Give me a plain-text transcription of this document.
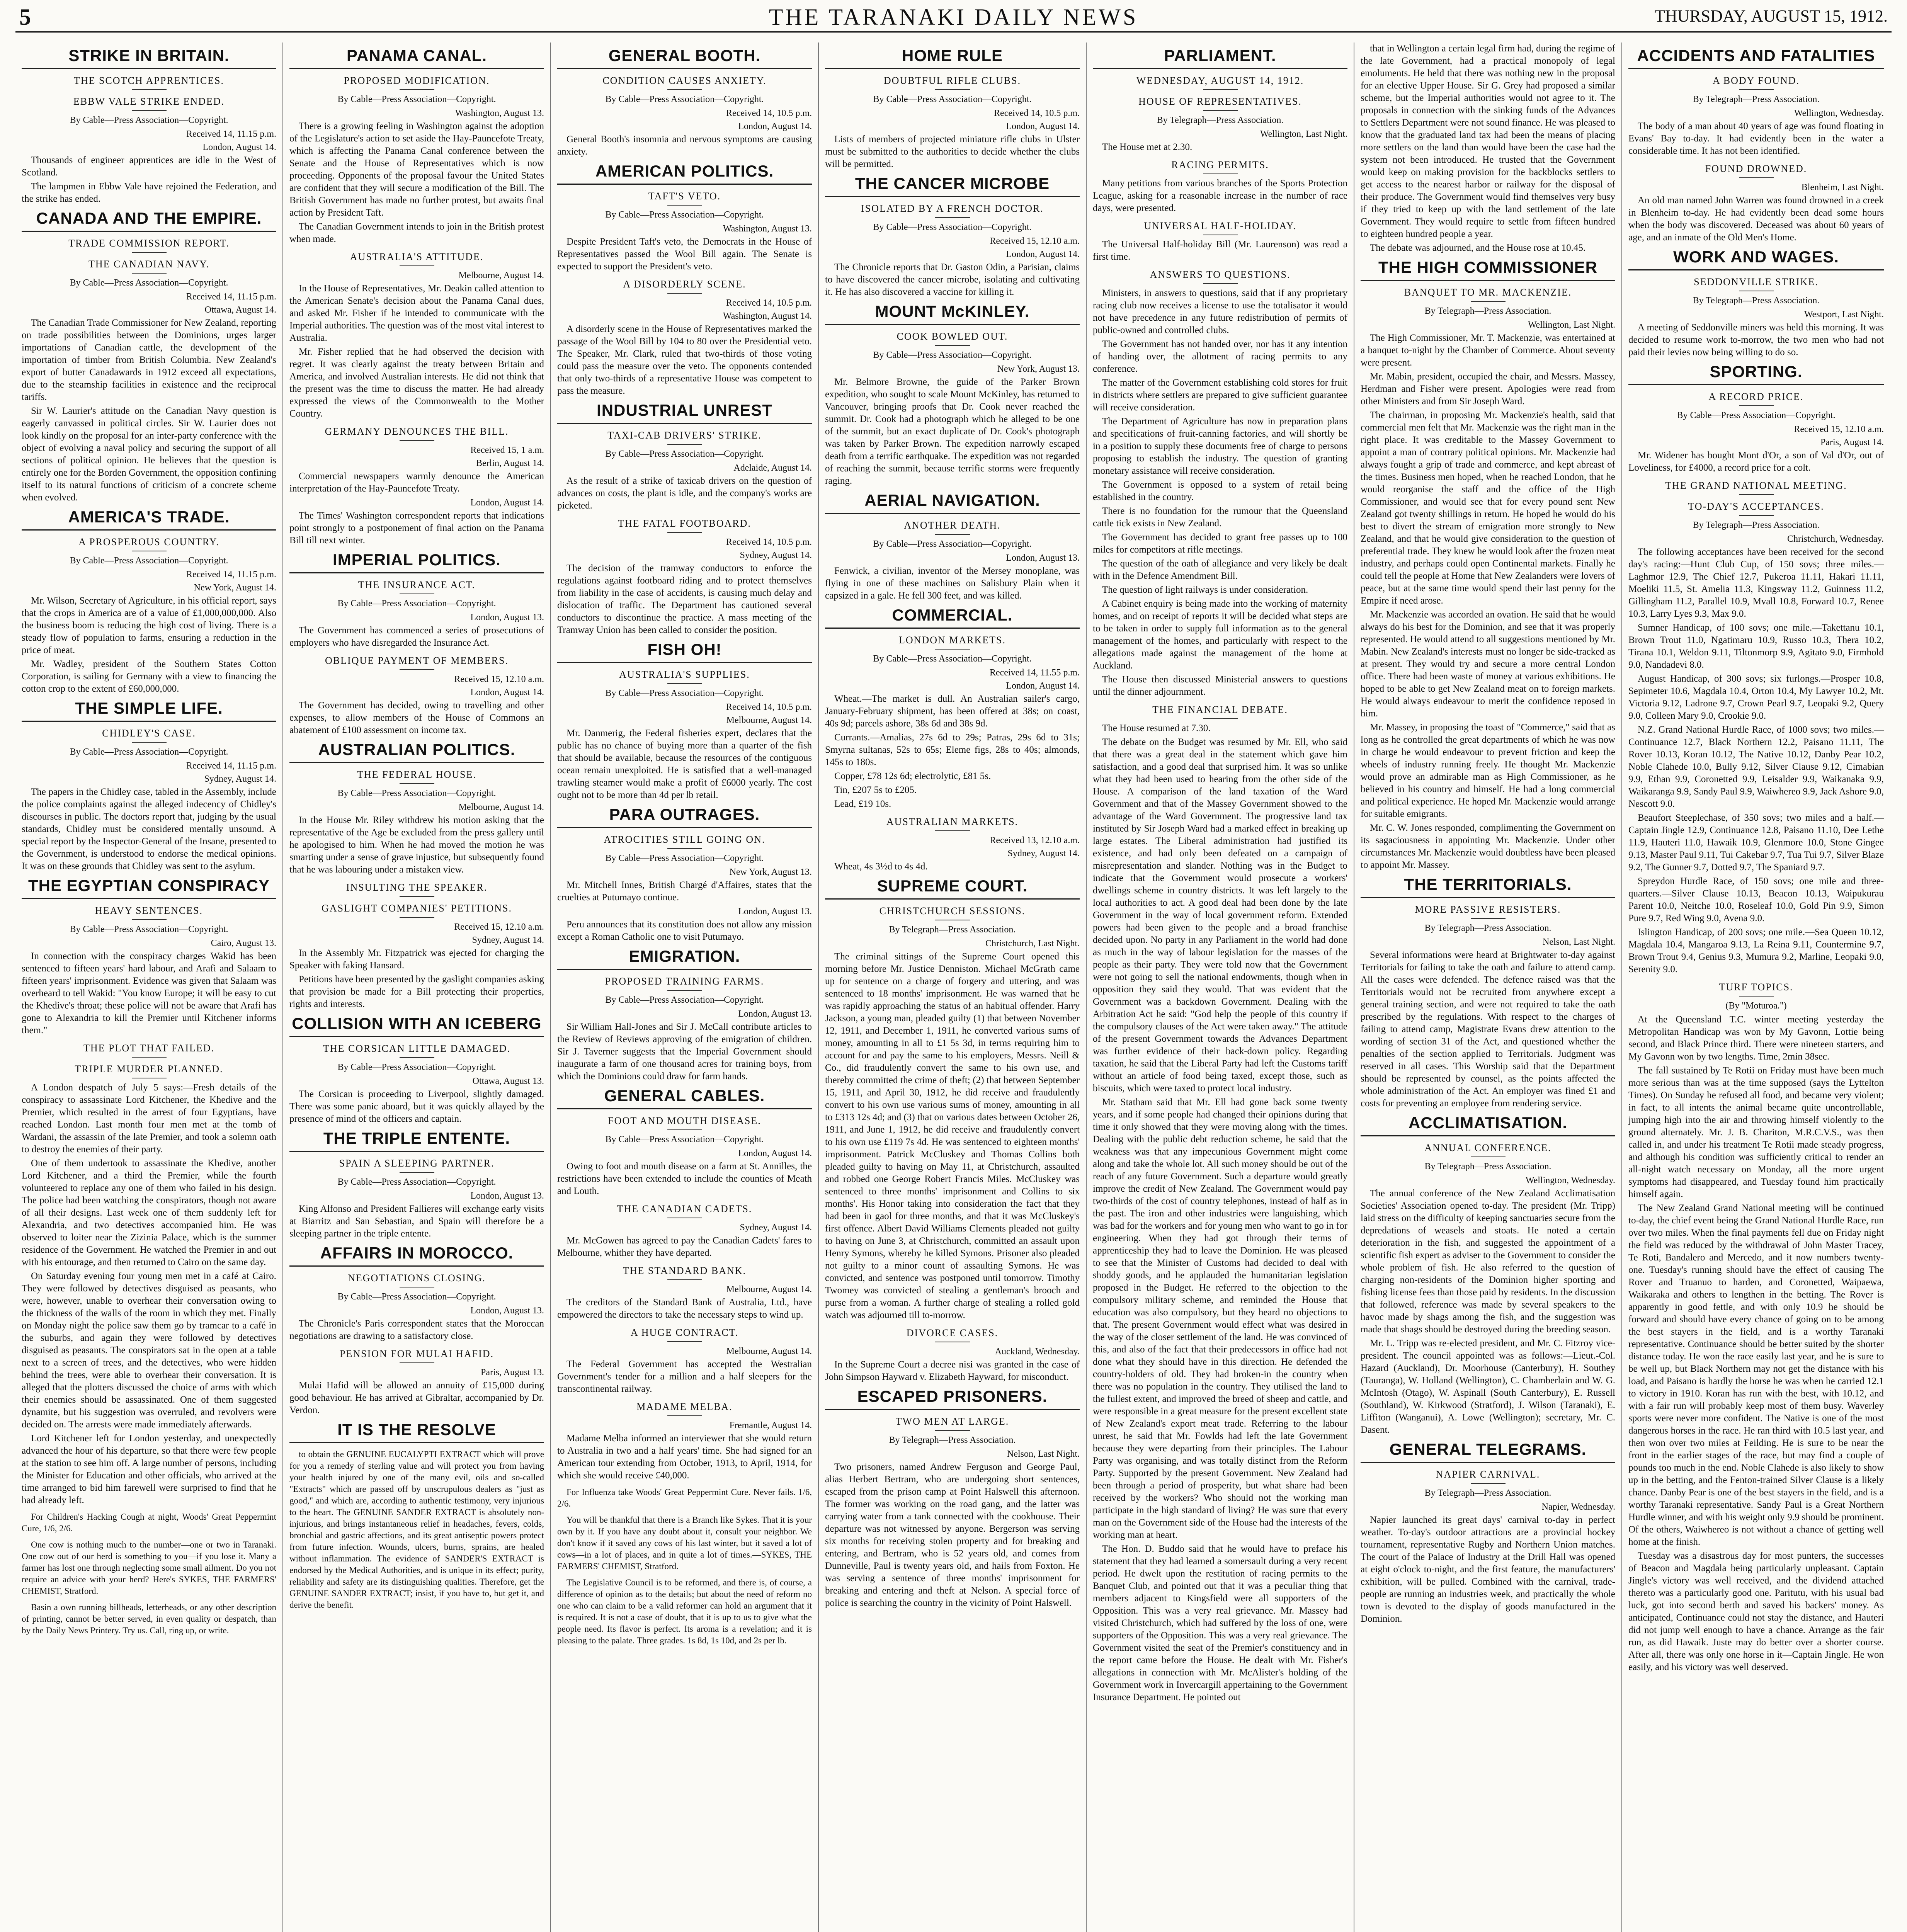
5	THE TARANAKI DAILY NEWS	THURSDAY, AUGUST 15, 1912.
STRIKE IN BRITAIN.
THE SCOTCH APPRENTICES.
EBBW VALE STRIKE ENDED.
By Cable—Press Association—Copyright.
Received 14, 11.15 p.m.
London, August 14.

Thousands of engineer apprentices are idle in the West of Scotland.

The lampmen in Ebbw Vale have rejoined the Federation, and the strike has ended.

CANADA AND THE EMPIRE.
TRADE COMMISSION REPORT.
THE CANADIAN NAVY.
By Cable—Press Association—Copyright.
Received 14, 11.15 p.m.
Ottawa, August 14.

The Canadian Trade Commissioner for New Zealand, reporting on trade possibilities between the Dominions, urges larger importations of Canadian cattle, the development of the importation of timber from British Columbia. New Zealand's export of butter Canadawards in 1912 exceed all expectations, due to the steamship facilities in existence and the reciprocal tariffs.

Sir W. Laurier's attitude on the Canadian Navy question is eagerly canvassed in political circles. Sir W. Laurier does not look kindly on the proposal for an inter-party conference with the object of evolving a naval policy and securing the support of all sections of political opinion. He believes that the question is entirely one for the Borden Government, the opposition confining itself to its natural functions of criticism of a concrete scheme when evolved.

AMERICA'S TRADE.
A PROSPEROUS COUNTRY.
By Cable—Press Association—Copyright.
Received 14, 11.15 p.m.
New York, August 14.

Mr. Wilson, Secretary of Agriculture, in his official report, says that the crops in America are of a value of £1,000,000,000. Also the business boom is reducing the high cost of living. There is a steady flow of population to farms, ensuring a reduction in the price of meat.

Mr. Wadley, president of the Southern States Cotton Corporation, is sailing for Germany with a view to financing the cotton crop to the extent of £60,000,000.

THE SIMPLE LIFE.
CHIDLEY'S CASE.
By Cable—Press Association—Copyright.
Received 14, 11.15 p.m.
Sydney, August 14.

The papers in the Chidley case, tabled in the Assembly, include the police complaints against the alleged indecency of Chidley's discourses in public. The doctors report that, judging by the usual standards, Chidley must be considered mentally unsound. A special report by the Inspector-General of the Insane, presented to the Government, is understood to endorse the medical opinions. It was on these grounds that Chidley was sent to the asylum.

THE EGYPTIAN CONSPIRACY
HEAVY SENTENCES.
By Cable—Press Association—Copyright.
Cairo, August 13.

In connection with the conspiracy charges Wakid has been sentenced to fifteen years' hard labour, and Arafi and Salaam to fifteen years' imprisonment. Evidence was given that Salaam was overheard to tell Wakid: "You know Europe; it will be easy to cut the Khedive's throat; these police will not be aware that Arafi has gone to Alexandria to kill the Premier until Kitchener informs them."

THE PLOT THAT FAILED.
TRIPLE MURDER PLANNED.

A London despatch of July 5 says:—Fresh details of the conspiracy to assassinate Lord Kitchener, the Khedive and the Premier, which resulted in the arrest of four Egyptians, have reached London. Last month four men met at the tomb of Wardani, the assassin of the late Premier, and took a solemn oath to destroy the enemies of their party.

One of them undertook to assassinate the Khedive, another Lord Kitchener, and a third the Premier, while the fourth volunteered to replace any one of them who failed in his design. The police had been watching the conspirators, though not aware of all their designs. Last week one of them suddenly left for Alexandria, and two detectives accompanied him. He was observed to loiter near the Zizinia Palace, which is the summer residence of the Government. He watched the Premier in and out with his entourage, and then returned to Cairo on the same day.

On Saturday evening four young men met in a café at Cairo. They were followed by detectives disguised as peasants, who were, however, unable to overhear their conversation owing to the thickness of the walls of the room in which they met. Finally on Monday night the police saw them go by tramcar to a café in the suburbs, and again they were followed by detectives disguised as peasants. The conspirators sat in the open at a table next to a screen of trees, and the detectives, who were hidden behind the trees, were able to overhear their conversation. It is alleged that the plotters discussed the choice of arms with which their enemies should be assassinated. One of them suggested dynamite, but his suggestion was overruled, and revolvers were decided on. The arrests were made immediately afterwards.

Lord Kitchener left for London yesterday, and unexpectedly advanced the hour of his departure, so that there were few people at the station to see him off. A large number of persons, including the Minister for Education and other officials, who arrived at the time arranged to bid him farewell were surprised to find that he had already left.

For Children's Hacking Cough at night, Woods' Great Peppermint Cure, 1/6, 2/6.

One cow is nothing much to the number—one or two in Taranaki. One cow out of our herd is something to you—if you lose it. Many a farmer has lost one through neglecting some small ailment. Do you not require an advice with your herd? Here's SYKES, THE FARMERS' CHEMIST, Stratford.

Basin a own running billheads, letterheads, or any other description of printing, cannot be better served, in even quality or despatch, than by the Daily News Printery. Try us. Call, ring up, or write.

PANAMA CANAL.
PROPOSED MODIFICATION.
By Cable—Press Association—Copyright.
Washington, August 13.

There is a growing feeling in Washington against the adoption of the Legislature's action to set aside the Hay-Pauncefote Treaty, which is affecting the Panama Canal conference between the Senate and the House of Representatives which is now proceeding. Opponents of the proposal favour the United States are confident that they will secure a modification of the Bill. The British Government has made no further protest, but awaits final action by President Taft.

The Canadian Government intends to join in the British protest when made.

AUSTRALIA'S ATTITUDE.
Melbourne, August 14.

In the House of Representatives, Mr. Deakin called attention to the American Senate's decision about the Panama Canal dues, and asked Mr. Fisher if he intended to communicate with the Imperial authorities. The question was of the most vital interest to Australia.

Mr. Fisher replied that he had observed the decision with regret. It was clearly against the treaty between Britain and America, and involved Australian interests. He did not think that the present was the time to discuss the matter. He had already expressed the views of the Commonwealth to the Mother Country.

GERMANY DENOUNCES THE BILL.
Received 15, 1 a.m.
Berlin, August 14.

Commercial newspapers warmly denounce the American interpretation of the Hay-Pauncefote Treaty.

London, August 14.

The Times' Washington correspondent reports that indications point strongly to a postponement of final action on the Panama Bill till next winter.

IMPERIAL POLITICS.
THE INSURANCE ACT.
By Cable—Press Association—Copyright.
London, August 13.

The Government has commenced a series of prosecutions of employers who have disregarded the Insurance Act.

OBLIQUE PAYMENT OF MEMBERS.
Received 15, 12.10 a.m.
London, August 14.

The Government has decided, owing to travelling and other expenses, to allow members of the House of Commons an abatement of £100 assessment on income tax.

AUSTRALIAN POLITICS.
THE FEDERAL HOUSE.
By Cable—Press Association—Copyright.
Melbourne, August 14.

In the House Mr. Riley withdrew his motion asking that the representative of the Age be excluded from the press gallery until he apologised to him. When he had moved the motion he was smarting under a sense of grave injustice, but subsequently found that he was labouring under a mistaken view.

INSULTING THE SPEAKER.
GASLIGHT COMPANIES' PETITIONS.
Received 15, 12.10 a.m.
Sydney, August 14.

In the Assembly Mr. Fitzpatrick was ejected for charging the Speaker with faking Hansard.

Petitions have been presented by the gaslight companies asking that provision be made for a Bill protecting their properties, rights and interests.

COLLISION WITH AN ICEBERG
THE CORSICAN LITTLE DAMAGED.
By Cable—Press Association—Copyright.
Ottawa, August 13.

The Corsican is proceeding to Liverpool, slightly damaged. There was some panic aboard, but it was quickly allayed by the presence of mind of the officers and captain.

THE TRIPLE ENTENTE.
SPAIN A SLEEPING PARTNER.
By Cable—Press Association—Copyright.
London, August 13.

King Alfonso and President Fallieres will exchange early visits at Biarritz and San Sebastian, and Spain will therefore be a sleeping partner in the triple entente.

AFFAIRS IN MOROCCO.
NEGOTIATIONS CLOSING.
By Cable—Press Association—Copyright.
London, August 13.

The Chronicle's Paris correspondent states that the Moroccan negotiations are drawing to a satisfactory close.

PENSION FOR MULAI HAFID.
Paris, August 13.

Mulai Hafid will be allowed an annuity of £15,000 during good behaviour. He has arrived at Gibraltar, accompanied by Dr. Verdon.

IT IS THE RESOLVE

to obtain the GENUINE EUCALYPTI EXTRACT which will prove for you a remedy of sterling value and will protect you from having your health injured by one of the many evil, oils and so-called "Extracts" which are passed off by unscrupulous dealers as "just as good," and which are, according to authentic testimony, very injurious to the heart. The GENUINE SANDER EXTRACT is absolutely non-injurious, and brings instantaneous relief in headaches, fevers, colds, bronchial and gastric affections, and its great antiseptic powers protect from future infection. Wounds, ulcers, burns, sprains, are healed without inflammation. The evidence of SANDER'S EXTRACT is endorsed by the Medical Authorities, and is unique in its effect; purity, reliability and safety are its distinguishing qualities. Therefore, get the GENUINE SANDER EXTRACT; insist, if you have to, but get it, and derive the benefit.

GENERAL BOOTH.
CONDITION CAUSES ANXIETY.
By Cable—Press Association—Copyright.
Received 14, 10.5 p.m.
London, August 14.

General Booth's insomnia and nervous symptoms are causing anxiety.

AMERICAN POLITICS.
TAFT'S VETO.
By Cable—Press Association—Copyright.
Washington, August 13.

Despite President Taft's veto, the Democrats in the House of Representatives passed the Wool Bill again. The Senate is expected to support the President's veto.

A DISORDERLY SCENE.
Received 14, 10.5 p.m.
Washington, August 14.

A disorderly scene in the House of Representatives marked the passage of the Wool Bill by 104 to 80 over the Presidential veto. The Speaker, Mr. Clark, ruled that two-thirds of those voting could pass the measure over the veto. The opponents contended that only two-thirds of a representative House was competent to pass the measure.

INDUSTRIAL UNREST
TAXI-CAB DRIVERS' STRIKE.
By Cable—Press Association—Copyright.
Adelaide, August 14.

As the result of a strike of taxicab drivers on the question of advances on costs, the plant is idle, and the company's works are picketed.

THE FATAL FOOTBOARD.
Received 14, 10.5 p.m.
Sydney, August 14.

The decision of the tramway conductors to enforce the regulations against footboard riding and to protect themselves from liability in the case of accidents, is causing much delay and dislocation of traffic. The Department has cautioned several conductors to discontinue the practice. A mass meeting of the Tramway Union has been called to consider the position.

FISH OH!
AUSTRALIA'S SUPPLIES.
By Cable—Press Association—Copyright.
Received 14, 10.5 p.m.
Melbourne, August 14.

Mr. Danmerig, the Federal fisheries expert, declares that the public has no chance of buying more than a quarter of the fish that should be available, because the resources of the contiguous ocean remain unexploited. He is satisfied that a well-managed trawling steamer would make a profit of £6000 yearly. The cost ought not to be more than 4d per lb retail.

PARA OUTRAGES.
ATROCITIES STILL GOING ON.
By Cable—Press Association—Copyright.
New York, August 13.

Mr. Mitchell Innes, British Chargé d'Affaires, states that the cruelties at Putumayo continue.

London, August 13.

Peru announces that its constitution does not allow any mission except a Roman Catholic one to visit Putumayo.

EMIGRATION.
PROPOSED TRAINING FARMS.
By Cable—Press Association—Copyright.
London, August 13.

Sir William Hall-Jones and Sir J. McCall contribute articles to the Review of Reviews approving of the emigration of children. Sir J. Taverner suggests that the Imperial Government should inaugurate a farm of one thousand acres for training boys, from which the Dominions could draw for farm hands.

GENERAL CABLES.
FOOT AND MOUTH DISEASE.
By Cable—Press Association—Copyright.
London, August 14.

Owing to foot and mouth disease on a farm at St. Annilles, the restrictions have been extended to include the counties of Meath and Louth.

THE CANADIAN CADETS.
Sydney, August 14.

Mr. McGowen has agreed to pay the Canadian Cadets' fares to Melbourne, whither they have departed.

THE STANDARD BANK.
Melbourne, August 14.

The creditors of the Standard Bank of Australia, Ltd., have empowered the directors to take the necessary steps to wind up.

A HUGE CONTRACT.
Melbourne, August 14.

The Federal Government has accepted the Westralian Government's tender for a million and a half sleepers for the transcontinental railway.

MADAME MELBA.
Fremantle, August 14.

Madame Melba informed an interviewer that she would return to Australia in two and a half years' time. She had signed for an American tour extending from October, 1913, to April, 1914, for which she would receive £40,000.

For Influenza take Woods' Great Peppermint Cure. Never fails. 1/6, 2/6.

You will be thankful that there is a Branch like Sykes. That it is your own by it. If you have any doubt about it, consult your neighbor. We don't know if it saved any cows of his last winter, but it saved a lot of cows—in a lot of places, and in quite a lot of times.—SYKES, THE FARMERS' CHEMIST, Stratford.

The Legislative Council is to be reformed, and there is, of course, a difference of opinion as to the details; but about the need of reform no one who can claim to be a valid reformer can hold an argument that it is required. It is not a case of doubt, that it is up to us to give what the people need. Its flavor is perfect. Its aroma is a revelation; and it is pleasing to the palate. Three grades. 1s 8d, 1s 10d, and 2s per lb.

HOME RULE
DOUBTFUL RIFLE CLUBS.
By Cable—Press Association—Copyright.
Received 14, 10.5 p.m.
London, August 14.

Lists of members of projected miniature rifle clubs in Ulster must be submitted to the authorities to decide whether the clubs will be permitted.

THE CANCER MICROBE
ISOLATED BY A FRENCH DOCTOR.
By Cable—Press Association—Copyright.
Received 15, 12.10 a.m.
London, August 14.

The Chronicle reports that Dr. Gaston Odin, a Parisian, claims to have discovered the cancer microbe, isolating and cultivating it. He has also discovered a vaccine for killing it.

MOUNT McKINLEY.
COOK BOWLED OUT.
By Cable—Press Association—Copyright.
New York, August 13.

Mr. Belmore Browne, the guide of the Parker Brown expedition, who sought to scale Mount McKinley, has returned to Vancouver, bringing proofs that Dr. Cook never reached the summit. Dr. Cook had a photograph which he alleged to be one of the summit, but an exact duplicate of Dr. Cook's photograph was taken by Parker Brown. The expedition narrowly escaped death from a terrific earthquake. The expedition was not regarded of reaching the summit, because terrific storms were frequently raging.

AERIAL NAVIGATION.
ANOTHER DEATH.
By Cable—Press Association—Copyright.
London, August 13.

Fenwick, a civilian, inventor of the Mersey monoplane, was flying in one of these machines on Salisbury Plain when it capsized in a gale. He fell 300 feet, and was killed.

COMMERCIAL.
LONDON MARKETS.
By Cable—Press Association—Copyright.
Received 14, 11.55 p.m.
London, August 14.

Wheat.—The market is dull. An Australian sailer's cargo, January-February shipment, has been offered at 38s; on coast, 40s 9d; parcels ashore, 38s 6d and 38s 9d.

Currants.—Amalias, 27s 6d to 29s; Patras, 29s 6d to 31s; Smyrna sultanas, 52s to 65s; Eleme figs, 28s to 40s; almonds, 145s to 180s.

Copper, £78 12s 6d; electrolytic, £81 5s.

Tin, £207 5s to £205.

Lead, £19 10s.

AUSTRALIAN MARKETS.
Received 13, 12.10 a.m.
Sydney, August 14.

Wheat, 4s 3½d to 4s 4d.

SUPREME COURT.
CHRISTCHURCH SESSIONS.
By Telegraph—Press Association.
Christchurch, Last Night.

The criminal sittings of the Supreme Court opened this morning before Mr. Justice Denniston. Michael McGrath came up for sentence on a charge of forgery and uttering, and was sentenced to 18 months' imprisonment. He was warned that he was rapidly approaching the status of an habitual offender. Harry Jackson, a young man, pleaded guilty (1) that between November 12, 1911, and December 1, 1911, he converted various sums of money, amounting in all to £1 5s 3d, in terms requiring him to account for and pay the same to his employers, Messrs. Neill & Co., did fraudulently convert the same to his own use, and thereby committed the crime of theft; (2) that between September 15, 1911, and April 30, 1912, he did receive and fraudulently convert to his own use various sums of money, amounting in all to £313 12s 4d; and (3) that on various dates between October 26, 1911, and June 1, 1912, he did receive and fraudulently convert to his own use £119 7s 4d. He was sentenced to eighteen months' imprisonment. Patrick McCluskey and Thomas Collins both pleaded guilty to having on May 11, at Christchurch, assaulted and robbed one George Robert Francis Miles. McCluskey was sentenced to three months' imprisonment and Collins to six months'. His Honor taking into consideration the fact that they had been in gaol for three months, and that it was McCluskey's first offence. Albert David Williams Clements pleaded not guilty to having on June 3, at Christchurch, committed an assault upon Henry Symons, whereby he killed Symons. Prisoner also pleaded not guilty to a minor count of assaulting Symons. He was convicted, and sentence was postponed until tomorrow. Timothy Twomey was convicted of stealing a gentleman's brooch and purse from a woman. A further charge of stealing a rolled gold watch was adjourned till to-morrow.

DIVORCE CASES.
Auckland, Wednesday.

In the Supreme Court a decree nisi was granted in the case of John Simpson Hayward v. Elizabeth Hayward, for misconduct.

ESCAPED PRISONERS.
TWO MEN AT LARGE.
By Telegraph—Press Association.
Nelson, Last Night.

Two prisoners, named Andrew Ferguson and George Paul, alias Herbert Bertram, who are undergoing short sentences, escaped from the prison camp at Point Halswell this afternoon. The former was working on the road gang, and the latter was carrying water from a tank connected with the cookhouse. Their departure was not witnessed by anyone. Bergerson was serving six months for receiving stolen property and for breaking and entering, and Bertram, who is 52 years old, and comes from Dunneville, Paul is twenty years old, and hails from Foxton. He was serving a sentence of three months' imprisonment for breaking and entering and theft at Nelson. A special force of police is searching the country in the vicinity of Point Halswell.

PARLIAMENT.
WEDNESDAY, AUGUST 14, 1912.
HOUSE OF REPRESENTATIVES.
By Telegraph—Press Association.
Wellington, Last Night.

The House met at 2.30.

RACING PERMITS.

Many petitions from various branches of the Sports Protection League, asking for a reasonable increase in the number of race days, were presented.

UNIVERSAL HALF-HOLIDAY.

The Universal Half-holiday Bill (Mr. Laurenson) was read a first time.

ANSWERS TO QUESTIONS.

Ministers, in answers to questions, said that if any proprietary racing club now receives a license to use the totalisator it would not have precedence in any future redistribution of permits of public-owned and controlled clubs.

The Government has not handed over, nor has it any intention of handing over, the allotment of racing permits to any conference.

The matter of the Government establishing cold stores for fruit in districts where settlers are prepared to give sufficient guarantee will receive consideration.

The Department of Agriculture has now in preparation plans and specifications of fruit-canning factories, and will shortly be in a position to supply these documents free of charge to persons proposing to establish the industry. The question of granting monetary assistance will receive consideration.

The Government is opposed to a system of retail being established in the country.

There is no foundation for the rumour that the Queensland cattle tick exists in New Zealand.

The Government has decided to grant free passes up to 100 miles for competitors at rifle meetings.

The question of the oath of allegiance and very likely be dealt with in the Defence Amendment Bill.

The question of light railways is under consideration.

A Cabinet enquiry is being made into the working of maternity homes, and on receipt of reports it will be decided what steps are to be taken in order to supply full information as to the general management of the homes, and particularly with respect to the allegations made against the management of the home at Auckland.

The House then discussed Ministerial answers to questions until the dinner adjournment.

THE FINANCIAL DEBATE.

The House resumed at 7.30.

The debate on the Budget was resumed by Mr. Ell, who said that there was a great deal in the statement which gave him satisfaction, and a good deal that surprised him. It was so unlike what they had been used to hearing from the other side of the House. A comparison of the land taxation of the Ward Government and that of the Massey Government showed to the advantage of the Ward Government. The progressive land tax instituted by Sir Joseph Ward had a marked effect in breaking up large estates. The Liberal administration had justified its existence, and had only been defeated on a campaign of misrepresentation and slander. Nothing was in the Budget to indicate that the Government would prosecute a workers' dwellings scheme in country districts. It was left largely to the local authorities to act. A good deal had been done by the late Government in the way of local government reform. Extended powers had been given to the people and a broad franchise decided upon. No party in any Parliament in the world had done as much in the way of labour legislation for the masses of the people as their party. They were told now that the Government were not going to sell the national endowments, though when in opposition they said they would. That was evident that the Government was a backdown Government. Dealing with the Arbitration Act he said: "God help the people of this country if the compulsory clauses of the Act were taken away." The attitude of the present Government towards the Advances Department was further evidence of their back-down policy. Regarding taxation, he said that the Liberal Party had left the Customs tariff without an article of food being taxed, except those, such as biscuits, which were taxed to protect local industry.

Mr. Statham said that Mr. Ell had gone back some twenty years, and if some people had changed their opinions during that time it only showed that they were moving along with the times. Dealing with the public debt reduction scheme, he said that the weakness was that any impecunious Government might come along and take the whole lot. All such money should be out of the reach of any future Government. Such a departure would greatly improve the credit of New Zealand. The Government would pay two-thirds of the cost of country telephones, instead of half as in the past. The iron and other industries were languishing, which was bad for the workers and for young men who want to go in for engineering. When they had got through their terms of apprenticeship they had to leave the Dominion. He was pleased to see that the Minister of Customs had decided to deal with shoddy goods, and he applauded the humanitarian legislation proposed in the Budget. He referred to the objection to the compulsory military scheme, and reminded the House that education was also compulsory, but they heard no objections to that. The present Government would effect what was desired in the way of the closer settlement of the land. He was convinced of this, and also of the fact that their predecessors in office had not done what they should have in this direction. He defended the country-holders of old. They had broken-in the country when there was no population in the country. They utilised the land to the fullest extent, and improved the breed of sheep and cattle, and were responsible in a great measure for the present excellent state of New Zealand's export meat trade. Referring to the labour unrest, he said that Mr. Fowlds had left the late Government because they were departing from their principles. The Labour Party was organising, and was totally distinct from the Reform Party. Supported by the present Government. New Zealand had been through a period of prosperity, but what share had been received by the workers? Who should not the working man participate in the high standard of living? He was sure that every man on the Government side of the House had the interests of the working man at heart.

The Hon. D. Buddo said that he would have to preface his statement that they had learned a somersault during a very recent period. He dwelt upon the restitution of racing permits to the Banquet Club, and pointed out that it was a peculiar thing that members adjacent to Kingsfield were all supporters of the Opposition. This was a very real grievance. Mr. Massey had visited Christchurch, which had suffered by the loss of one, were supporters of the Opposition. This was a very real grievance. The Government visited the seat of the Premier's constituency and in the report came before the House. He dealt with Mr. Fisher's allegations in connection with Mr. McAlister's holding of the Government work in Invercargill appertaining to the Government Insurance Department. He pointed out

that in Wellington a certain legal firm had, during the regime of the late Government, had a practical monopoly of legal emoluments. He held that there was nothing new in the proposal for an elective Upper House. Sir G. Grey had proposed a similar scheme, but the Imperial authorities would not agree to it. The proposals in connection with the sinking funds of the Advances to Settlers Department were not sound finance. He was pleased to know that the graduated land tax had been the means of placing more settlers on the land than would have been the case had the system not been introduced. He trusted that the Government would keep on making provision for the backblocks settlers to get access to the nearest harbor or railway for the disposal of their produce. The Government would find themselves very busy if they tried to keep up with the land settlement of the late Government. They would require to settle from fifteen hundred to eighteen hundred people a year.

The debate was adjourned, and the House rose at 10.45.

THE HIGH COMMISSIONER
BANQUET TO MR. MACKENZIE.
By Telegraph—Press Association.
Wellington, Last Night.

The High Commissioner, Mr. T. Mackenzie, was entertained at a banquet to-night by the Chamber of Commerce. About seventy were present.

Mr. Mabin, president, occupied the chair, and Messrs. Massey, Herdman and Fisher were present. Apologies were read from other Ministers and from Sir Joseph Ward.

The chairman, in proposing Mr. Mackenzie's health, said that commercial men felt that Mr. Mackenzie was the right man in the right place. It was creditable to the Massey Government to appoint a man of contrary political opinions. Mr. Mackenzie had always fought a grip of trade and commerce, and kept abreast of the times. Business men hoped, when he reached London, that he would reorganise the staff and the office of the High Commissioner, and would see that for every pound sent New Zealand got twenty shillings in return. He hoped he would do his best to divert the stream of emigration more strongly to New Zealand, and that he would give consideration to the question of preferential trade. They knew he would look after the frozen meat industry, and perhaps could open Continental markets. Finally he could tell the people at Home that New Zealanders were lovers of peace, but at the same time would spend their last penny for the Empire if need arose.

Mr. Mackenzie was accorded an ovation. He said that he would always do his best for the Dominion, and see that it was properly represented. He would attend to all suggestions mentioned by Mr. Mabin. New Zealand's interests must no longer be side-tracked as at present. They would try and secure a more central London office. There had been waste of money at various exhibitions. He hoped to be able to get New Zealand meat on to foreign markets. He would always endeavour to merit the confidence reposed in him.

Mr. Massey, in proposing the toast of "Commerce," said that as long as he controlled the great departments of which he was now in charge he would endeavour to prevent friction and keep the wheels of industry running freely. He thought Mr. Mackenzie would prove an admirable man as High Commissioner, as he believed in his country and himself. He had a long commercial and political experience. He hoped Mr. Mackenzie would arrange for suitable emigrants.

Mr. C. W. Jones responded, complimenting the Government on its sagaciousness in appointing Mr. Mackenzie. Under other circumstances Mr. Mackenzie would doubtless have been pleased to appoint Mr. Massey.

THE TERRITORIALS.
MORE PASSIVE RESISTERS.
By Telegraph—Press Association.
Nelson, Last Night.

Several informations were heard at Brightwater to-day against Territorials for failing to take the oath and failure to attend camp. All the cases were defended. The defence raised was that the Territorials would not be recruited from anywhere except a general training section, and were not required to take the oath prescribed by the regulations. With respect to the charges of failing to attend camp, Magistrate Evans drew attention to the wording of section 31 of the Act, and questioned whether the penalties of the section applied to Territorials. Judgment was reserved in all cases. This Worship said that the Department should be represented by counsel, as the points affected the whole administration of the Act. An employer was fined £1 and costs for preventing an employee from rendering service.

ACCLIMATISATION.
ANNUAL CONFERENCE.
By Telegraph—Press Association.
Wellington, Wednesday.

The annual conference of the New Zealand Acclimatisation Societies' Association opened to-day. The president (Mr. Tripp) laid stress on the difficulty of keeping sanctuaries secure from the depredations of weasels and stoats. He noted a certain deterioration in the fish, and suggested the appointment of a scientific fish expert as adviser to the Government to consider the whole problem of fish. He also referred to the question of charging non-residents of the Dominion higher sporting and fishing license fees than those paid by residents. In the discussion that followed, reference was made by several speakers to the havoc made by shags among the fish, and the suggestion was made that shags should be destroyed during the breeding season.

Mr. L. Tripp was re-elected president, and Mr. C. Fitzroy vice-president. The council appointed was as follows:—Lieut.-Col. Hazard (Auckland), Dr. Moorhouse (Canterbury), H. Southey (Tauranga), W. Holland (Wellington), C. Chamberlain and W. G. McIntosh (Otago), W. Aspinall (South Canterbury), E. Russell (Southland), W. Kirkwood (Stratford), J. Wilson (Taranaki), E. Liffiton (Wanganui), A. Lowe (Wellington); secretary, Mr. C. Dasent.

GENERAL TELEGRAMS.
NAPIER CARNIVAL.
By Telegraph—Press Association.
Napier, Wednesday.

Napier launched its great days' carnival to-day in perfect weather. To-day's outdoor attractions are a provincial hockey tournament, representative Rugby and Northern Union matches. The court of the Palace of Industry at the Drill Hall was opened at eight o'clock to-night, and the first feature, the manufacturers' exhibition, will be pulled. Combined with the carnival, trade-people are running an industries week, and practically the whole town is devoted to the display of goods manufactured in the Dominion.

ACCIDENTS AND FATALITIES
A BODY FOUND.
By Telegraph—Press Association.
Wellington, Wednesday.

The body of a man about 40 years of age was found floating in Evans' Bay to-day. It had evidently been in the water a considerable time. It has not been identified.

FOUND DROWNED.
Blenheim, Last Night.

An old man named John Warren was found drowned in a creek in Blenheim to-day. He had evidently been dead some hours when the body was discovered. Deceased was about 60 years of age, and an inmate of the Old Men's Home.

WORK AND WAGES.
SEDDONVILLE STRIKE.
By Telegraph—Press Association.
Westport, Last Night.

A meeting of Seddonville miners was held this morning. It was decided to resume work to-morrow, the two men who had not paid their levies now being willing to do so.

SPORTING.
A RECORD PRICE.
By Cable—Press Association—Copyright.
Received 15, 12.10 a.m.
Paris, August 14.

Mr. Widener has bought Mont d'Or, a son of Val d'Or, out of Loveliness, for £4000, a record price for a colt.

THE GRAND NATIONAL MEETING.
TO-DAY'S ACCEPTANCES.
By Telegraph—Press Association.
Christchurch, Wednesday.

The following acceptances have been received for the second day's racing:—Hunt Club Cup, of 150 sovs; three miles.—Laghmor 12.9, The Chief 12.7, Pukeroa 11.11, Hakari 11.11, Moeliki 11.5, St. Amelia 11.3, Kingsway 11.2, Guinness 11.2, Gillingham 11.2, Parallel 10.9, Mvall 10.8, Forward 10.7, Renee 10.3, Larry Lyes 9.3, Max 9.0.

Sumner Handicap, of 100 sovs; one mile.—Takettanu 10.1, Brown Trout 11.0, Ngatimaru 10.9, Russo 10.3, Thera 10.2, Tirana 10.1, Weldon 9.11, Tiltonmorp 9.9, Agitato 9.0, Firmhold 9.0, Nandadevi 8.0.

August Handicap, of 300 sovs; six furlongs.—Prosper 10.8, Sepimeter 10.6, Magdala 10.4, Orton 10.4, My Lawyer 10.2, Mt. Victoria 9.12, Ladrone 9.7, Crown Pearl 9.7, Leopaki 9.2, Query 9.0, Colleen Mary 9.0, Crookie 9.0.

N.Z. Grand National Hurdle Race, of 1000 sovs; two miles.—Continuance 12.7, Black Northern 12.2, Paisano 11.11, The Rover 10.13, Koran 10.12, The Native 10.12, Danby Pear 10.2, Noble Clahede 10.0, Bully 9.12, Silver Clause 9.12, Cimabian 9.9, Ethan 9.9, Coronetted 9.9, Leisalder 9.9, Waikanaka 9.9, Waikaranga 9.9, Sandy Paul 9.9, Waiwhereo 9.9, Jack Ashore 9.0, Nescott 9.0.

Beaufort Steeplechase, of 350 sovs; two miles and a half.—Captain Jingle 12.9, Continuance 12.8, Paisano 11.10, Dee Lethe 11.9, Hauteri 11.0, Hawaik 10.9, Glenmore 10.0, Stone Gingee 9.13, Master Paul 9.11, Tui Cakebar 9.7, Tua Tui 9.7, Silver Blaze 9.2, The Gunner 9.7, Dotted 9.7, The Spaniard 9.7.

Spreydon Hurdle Race, of 150 sovs; one mile and three-quarters.—Silver Clause 10.13, Beacon 10.13, Waipukurau Parent 10.0, Neitche 10.0, Roseleaf 10.0, Gold Pin 9.9, Simon Pure 9.7, Red Wing 9.0, Avena 9.0.

Islington Handicap, of 200 sovs; one mile.—Sea Queen 10.12, Magdala 10.4, Mangaroa 9.13, La Reina 9.11, Countermine 9.7, Brown Trout 9.4, Genius 9.3, Mumura 9.2, Marline, Leopaki 9.0, Serenity 9.0.

TURF TOPICS.
(By "Moturoa.")

At the Queensland T.C. winter meeting yesterday the Metropolitan Handicap was won by My Gavonn, Lottie being second, and Black Prince third. There were nineteen starters, and My Gavonn won by two lengths. Time, 2min 38sec.

The fall sustained by Te Rotii on Friday must have been much more serious than was at the time supposed (says the Lyttelton Times). On Sunday he refused all food, and became very violent; in fact, to all intents the animal became quite uncontrollable, jumping high into the air and throwing himself violently to the ground alternately. Mr. J. B. Chariton, M.R.C.V.S., was then called in, and under his treatment Te Rotii made steady progress, and although his condition was sufficiently critical to render an all-night watch necessary on Monday, all the more urgent symptoms had disappeared, and Tuesday found him practically himself again.

The New Zealand Grand National meeting will be continued to-day, the chief event being the Grand National Hurdle Race, run over two miles. When the final payments fell due on Friday night the field was reduced by the withdrawal of John Master Tracey, Te Roti, Bandalero and Mercedo, and it now numbers twenty-one. Tuesday's running should have the effect of causing The Rover and Truanuo to harden, and Coronetted, Waipaewa, Waikaraka and others to lengthen in the betting. The Rover is apparently in good fettle, and with only 10.9 he should be forward and should have every chance of going on to be among the best stayers in the field, and is a worthy Taranaki representative. Continuance should be better suited by the shorter distance today. He won the race easily last year, and he is sure to be well up, but Black Northern may not get the distance with his load, and Paisano is hardly the horse he was when he carried 12.1 to victory in 1910. Koran has run with the best, with 10.12, and with a fair run will probably keep most of them busy. Waverley sports were never more confident. The Native is one of the most dangerous horses in the race. He ran third with 10.5 last year, and then won over two miles at Feilding. He is sure to be near the front in the earlier stages of the race, but may find a couple of pounds too much in the end. Noble Clahede is also likely to show up in the betting, and the Fenton-trained Silver Clause is a likely chance. Danby Pear is one of the best stayers in the field, and is a worthy Taranaki representative. Sandy Paul is a Great Northern Hurdle winner, and with his weight only 9.9 should be prominent. Of the others, Waiwhereo is not without a chance of getting well home at the finish.

Tuesday was a disastrous day for most punters, the successes of Beacon and Magdala being particularly unpleasant. Captain Jingle's victory was well received, and the dividend attached thereto was a particularly good one. Paritutu, with his usual bad luck, got into second berth and saved his backers' money. As anticipated, Continuance could not stay the distance, and Hauteri did not jump well enough to have a chance. Arrange as the fair run, as did Hawaik. Juste may do better over a shorter course. After all, there was only one horse in it—Captain Jingle. He won easily, and his victory was well deserved.
